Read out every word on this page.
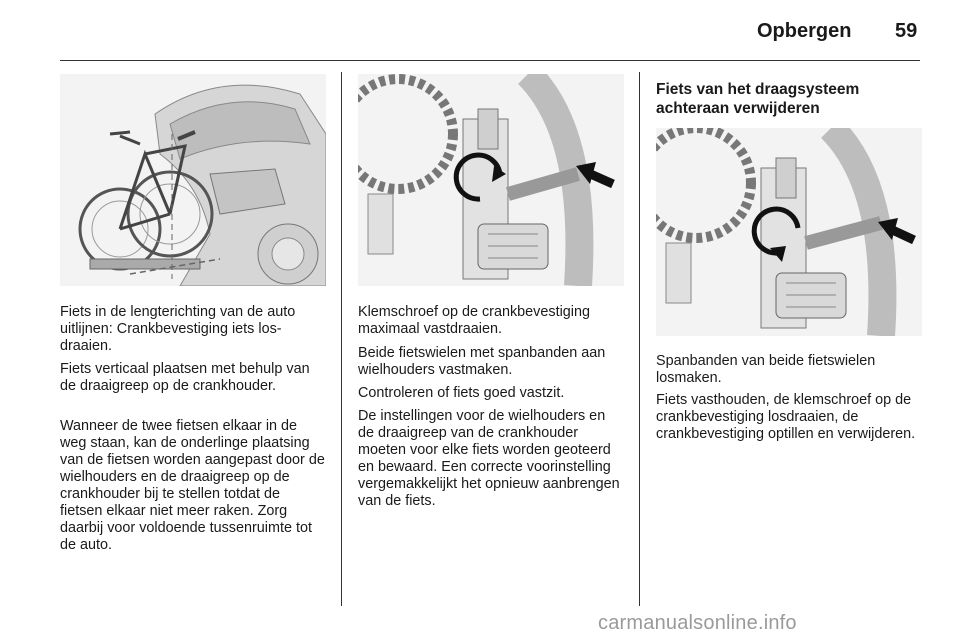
Opbergen 59

Fiets in de lengterichting van de auto uitlijnen: Crankbevestiging iets losdraaien.

Fiets verticaal plaatsen met behulp van de draaigreep op de crankhouder.

Wanneer de twee fietsen elkaar in de weg staan, kan de onderlinge plaatsing van de fietsen worden aangepast door de wielhouders en de draaigreep op de crankhouder bij te stellen totdat de fietsen elkaar niet meer raken. Zorg daarbij voor voldoende tussenruimte tot de auto.

Klemschroef op de crankbevestiging maximaal vastdraaien.

Beide fietswielen met spanbanden aan wielhouders vastmaken.

Controleren of fiets goed vastzit.

De instellingen voor de wielhouders en de draaigreep van de crankhouder moeten voor elke fiets worden geoteerd en bewaard. Een correcte voorinstelling vergemakkelijkt het opnieuw aanbrengen van de fiets.

Fiets van het draagsysteem achteraan verwijderen

Spanbanden van beide fietswielen losmaken.

Fiets vasthouden, de klemschroef op de crankbevestiging losdraaien, de crankbevestiging optillen en verwijderen.

carmanualsonline.info
